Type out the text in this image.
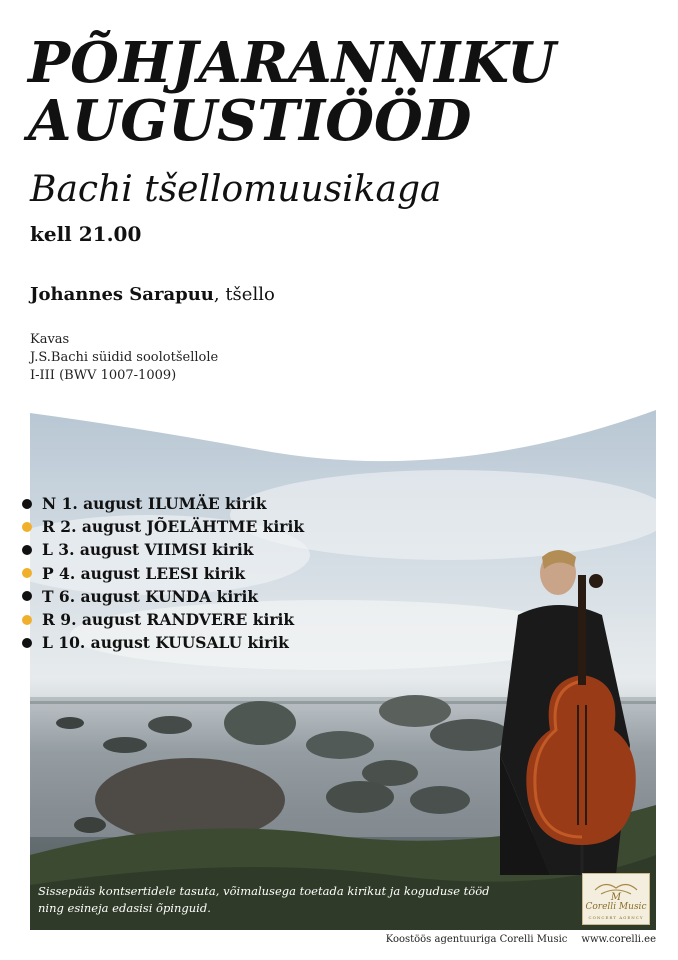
PÕHJARANNIKU
AUGUSTIÖÖD
Bachi tšellomuusikaga
kell 21.00
Johannes Sarapuu, tšello
Kavas
J.S.Bachi süidid soolotšellole
I-III (BWV 1007-1009)
N 1. august ILUMÄE kirik
R 2. august JÕELÄHTME kirik
L 3. august VIIMSI kirik
P 4. august LEESI kirik
T 6. august KUNDA kirik
R 9. august RANDVERE kirik
L 10. august KUUSALU kirik
Sissepääs kontsertidele tasuta, võimalusega toetada kirikut ja koguduse tööd
ning esineja edasisi õpinguid.
M
Corelli Music
CONCERT AGENCY
Koostöös agentuuriga Corelli Music www.corelli.ee
